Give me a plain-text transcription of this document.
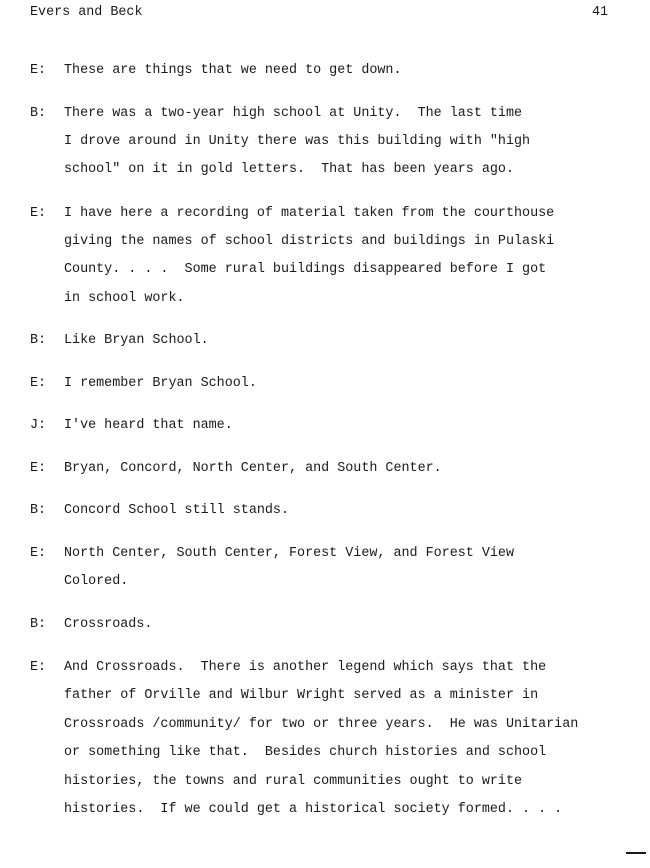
Evers and Beck	41
E: These are things that we need to get down.
B: There was a two-year high school at Unity.  The last time
I drove around in Unity there was this building with "high
school" on it in gold letters.  That has been years ago.
E: I have here a recording of material taken from the courthouse
giving the names of school districts and buildings in Pulaski
County. . . .  Some rural buildings disappeared before I got
in school work.
B: Like Bryan School.
E: I remember Bryan School.
J: I've heard that name.
E: Bryan, Concord, North Center, and South Center.
B: Concord School still stands.
E: North Center, South Center, Forest View, and Forest View
Colored.
B: Crossroads.
E: And Crossroads.  There is another legend which says that the
father of Orville and Wilbur Wright served as a minister in
Crossroads /community/ for two or three years.  He was Unitarian
or something like that.  Besides church histories and school
histories, the towns and rural communities ought to write
histories.  If we could get a historical society formed. . . .
